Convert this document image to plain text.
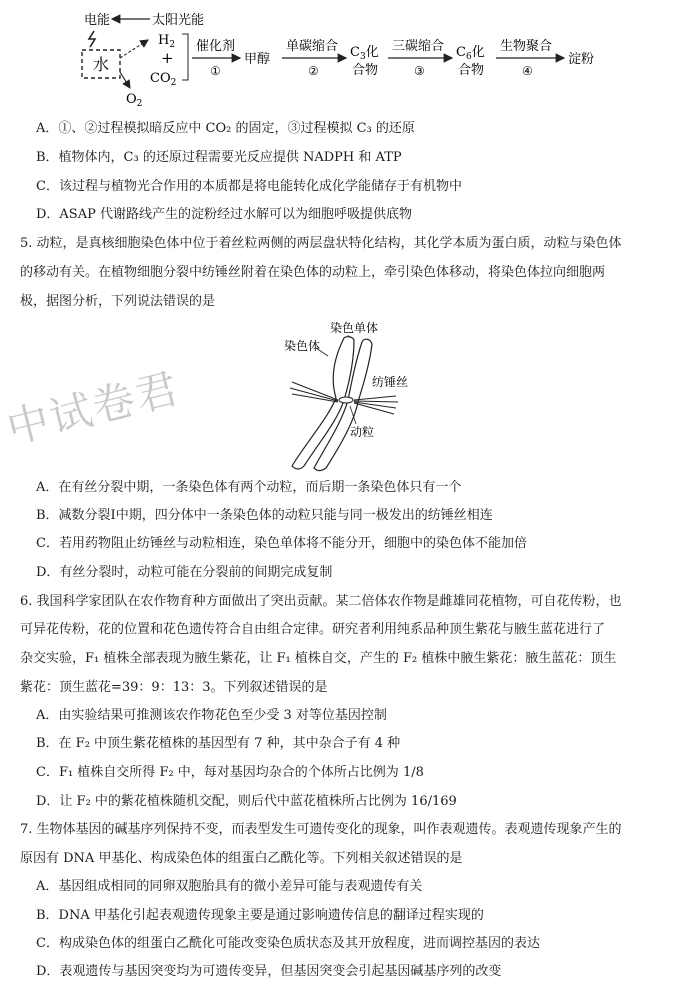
电能	太阳光能
水
$O_2$
$H_2$
+
$CO_2$
催化剂
①
甲醇
单碳缩合
②
$C_3$化
合物
三碳缩合
③
$C_6$化
合物
生物聚合
④
淀粉
染色单体
染色体
纺锤丝
动粒
中试卷君
A．①、②过程模拟暗反应中 CO₂ 的固定，③过程模拟 C₃ 的还原
B．植物体内，C₃ 的还原过程需要光反应提供 NADPH 和 ATP
C．该过程与植物光合作用的本质都是将电能转化成化学能储存于有机物中
D．ASAP 代谢路线产生的淀粉经过水解可以为细胞呼吸提供底物
5. 动粒，是真核细胞染色体中位于着丝粒两侧的两层盘状特化结构，其化学本质为蛋白质，动粒与染色体
的移动有关。在植物细胞分裂中纺锤丝附着在染色体的动粒上，牵引染色体移动，将染色体拉向细胞两
极，据图分析，下列说法错误的是
A．在有丝分裂中期，一条染色体有两个动粒，而后期一条染色体只有一个
B．减数分裂Ⅰ中期，四分体中一条染色体的动粒只能与同一极发出的纺锤丝相连
C．若用药物阻止纺锤丝与动粒相连，染色单体将不能分开，细胞中的染色体不能加倍
D．有丝分裂时，动粒可能在分裂前的间期完成复制
6. 我国科学家团队在农作物育种方面做出了突出贡献。某二倍体农作物是雌雄同花植物，可自花传粉，也
可异花传粉，花的位置和花色遗传符合自由组合定律。研究者利用纯系品种顶生紫花与腋生蓝花进行了
杂交实验，F₁ 植株全部表现为腋生紫花，让 F₁ 植株自交，产生的 F₂ 植株中腋生紫花：腋生蓝花：顶生
紫花：顶生蓝花=39：9：13：3。下列叙述错误的是
A．由实验结果可推测该农作物花色至少受 3 对等位基因控制
B．在 F₂ 中顶生紫花植株的基因型有 7 种，其中杂合子有 4 种
C．F₁ 植株自交所得 F₂ 中，每对基因均杂合的个体所占比例为 1/8
D．让 F₂ 中的紫花植株随机交配，则后代中蓝花植株所占比例为 16/169
7. 生物体基因的碱基序列保持不变，而表型发生可遗传变化的现象，叫作表观遗传。表观遗传现象产生的
原因有 DNA 甲基化、构成染色体的组蛋白乙酰化等。下列相关叙述错误的是
A．基因组成相同的同卵双胞胎具有的微小差异可能与表观遗传有关
B．DNA 甲基化引起表观遗传现象主要是通过影响遗传信息的翻译过程实现的
C．构成染色体的组蛋白乙酰化可能改变染色质状态及其开放程度，进而调控基因的表达
D．表观遗传与基因突变均为可遗传变异，但基因突变会引起基因碱基序列的改变
